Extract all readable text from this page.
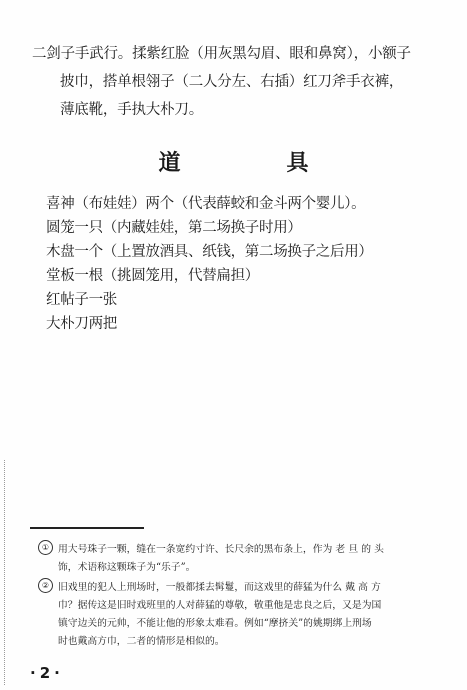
二剑子手武行。揉紫红脸（用灰黑勾眉、眼和鼻窝），小额子
披巾，搭单根翎子（二人分左、右插）红刀斧手衣裤，
薄底靴，手执大朴刀。
道　具
喜神（布娃娃）两个（代表薛蛟和金斗两个婴儿）。
圆笼一只（内藏娃娃，第二场换子时用）
木盘一个（上置放酒具、纸钱，第二场换子之后用）
堂板一根（挑圆笼用，代替扁担）
红帖子一张
大朴刀两把
① 用大号珠子一颗，缝在一条宽约寸许、长尺余的黑布条上，作为 老 旦 的 头
饰，术语称这颗珠子为“乐子”。
② 旧戏里的犯人上刑场时，一般都揉去髯鬘，而这戏里的薛猛为什么 戴 高 方
巾？据传这是旧时戏班里的人对薛猛的尊敬，敬重他是忠良之后，又是为国
镇守边关的元帅，不能让他的形象太难看。例如“摩挤关”的姚期绑上刑场
时也戴高方巾，二者的情形是相似的。
·2·
